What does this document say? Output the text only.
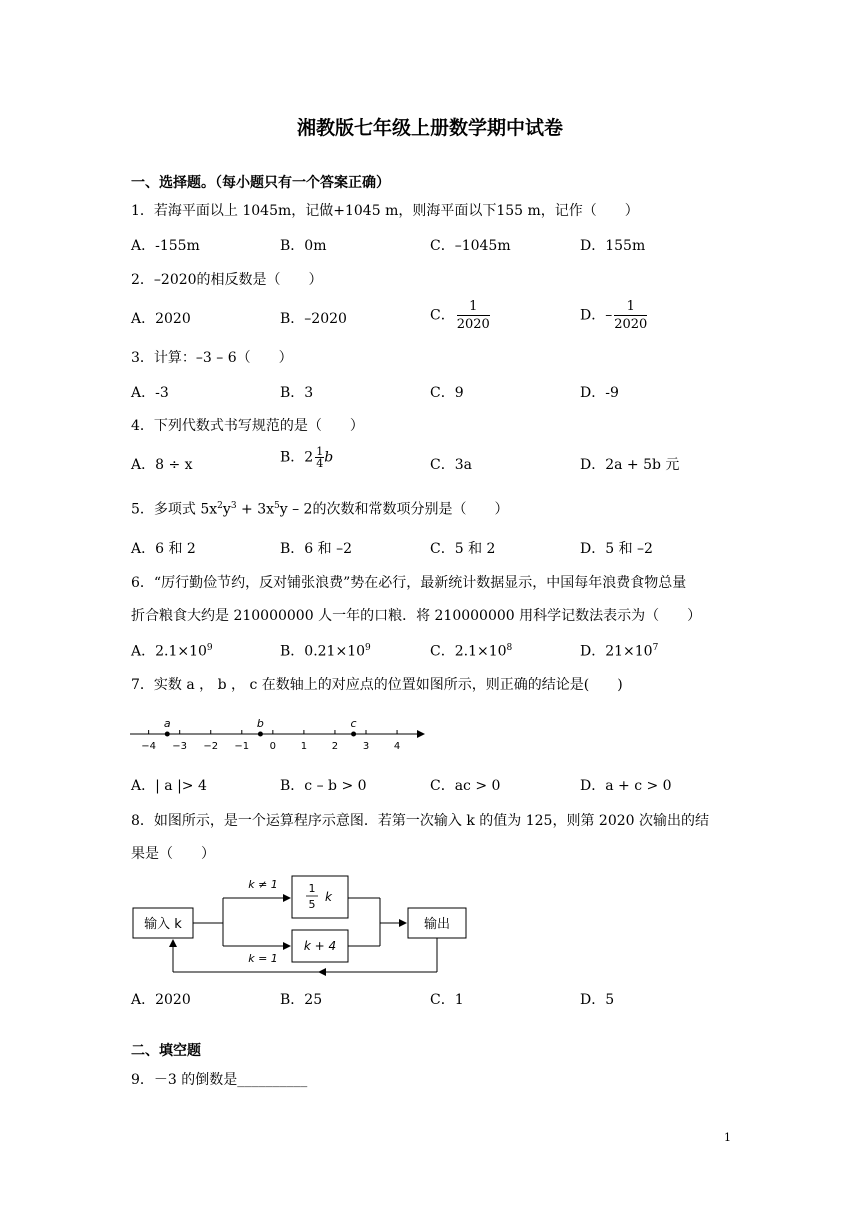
湘教版七年级上册数学期中试卷
一、选择题。（每小题只有一个答案正确）
1．若海平面以上 1045m，记做+1045 m，则海平面以下155 m，记作（　　）
A．-155m	B．0m	C．–1045m	D．155m
2．–2020的相反数是（　　）
A．2020	B．–2020	C． $\frac{1}{2020}$	D．– $\frac{1}{2020}$
3．计算：–3 – 6（　　）
A．-3	B．3	C．9	D．-9
4．下列代数式书写规范的是（　　）
A．8 ÷ x	B．$2 \frac{1}{4}$ b	C．3a	D．2a + 5b 元
5．多项式 $5x^2y^3 + 3x^5y - 2$的次数和常数项分别是（　　）
A．6 和 2	B．6 和 –2	C．5 和 2	D．5 和 –2
6．“厉行勤俭节约，反对铺张浪费”势在必行，最新统计数据显示，中国每年浪费食物总量
折合粮食大约是 210000000 人一年的口粮．将 210000000 用科学记数法表示为（　　）
A．$2.1\times 10^9$	B．$0.21\times 10^9$	C．$2.1\times 10^8$	D．$21\times 10^7$
7．实数 a ， b ， c 在数轴上的对应点的位置如图所示，则正确的结论是(　　)
−4 −3 −2 −1 0 1 2 3 4
a	b	c
A．| a |> 4	B．c – b > 0	C．ac > 0	D．a + c > 0
8．如图所示，是一个运算程序示意图．若第一次输入 k 的值为 125，则第 2020 次输出的结
果是（　　）
输入 k
k ≠ 1
k = 1
1
5
k
k + 4
输出
A．2020	B．25	C．1	D．5
二、填空题
9．－3 的倒数是__________
1
